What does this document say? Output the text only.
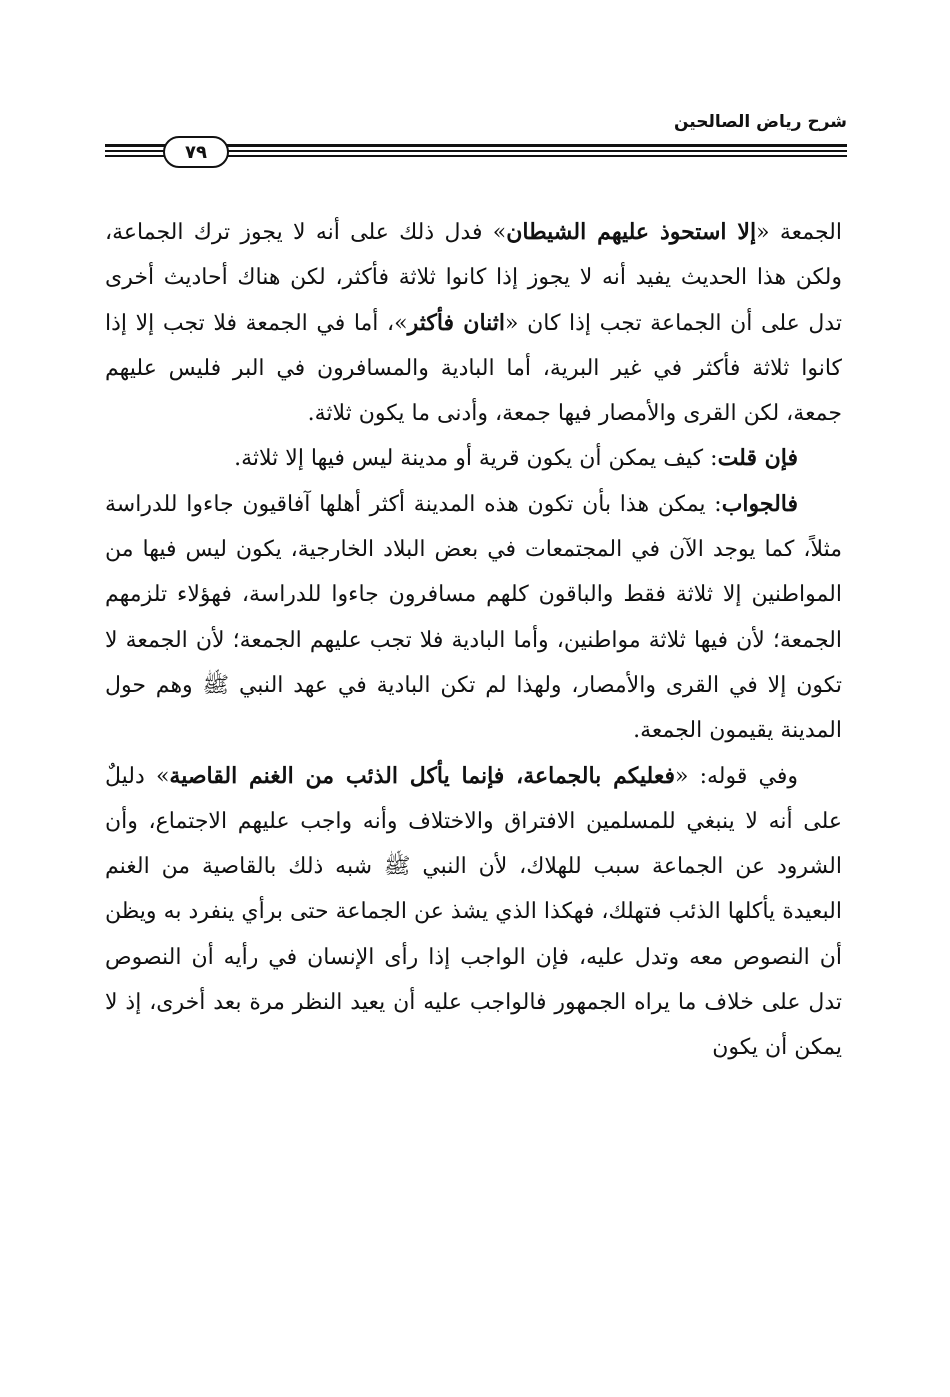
شرح رياض الصالحين
٧٩

الجمعة «إلا استحوذ عليهم الشيطان» فدل ذلك على أنه لا يجوز ترك الجماعة، ولكن هذا الحديث يفيد أنه لا يجوز إذا كانوا ثلاثة فأكثر، لكن هناك أحاديث أخرى تدل على أن الجماعة تجب إذا كان «اثنان فأكثر»، أما في الجمعة فلا تجب إلا إذا كانوا ثلاثة فأكثر في غير البرية، أما البادية والمسافرون في البر فليس عليهم جمعة، لكن القرى والأمصار فيها جمعة، وأدنى ما يكون ثلاثة.

فإن قلت: كيف يمكن أن يكون قرية أو مدينة ليس فيها إلا ثلاثة.

فالجواب: يمكن هذا بأن تكون هذه المدينة أكثر أهلها آفاقيون جاءوا للدراسة مثلاً، كما يوجد الآن في المجتمعات في بعض البلاد الخارجية، يكون ليس فيها من المواطنين إلا ثلاثة فقط والباقون كلهم مسافرون جاءوا للدراسة، فهؤلاء تلزمهم الجمعة؛ لأن فيها ثلاثة مواطنين، وأما البادية فلا تجب عليهم الجمعة؛ لأن الجمعة لا تكون إلا في القرى والأمصار، ولهذا لم تكن البادية في عهد النبي ﷺ وهم حول المدينة يقيمون الجمعة.

وفي قوله: «فعليكم بالجماعة، فإنما يأكل الذئب من الغنم القاصية» دليلٌ على أنه لا ينبغي للمسلمين الافتراق والاختلاف وأنه واجب عليهم الاجتماع، وأن الشرود عن الجماعة سبب للهلاك، لأن النبي ﷺ شبه ذلك بالقاصية من الغنم البعيدة يأكلها الذئب فتهلك، فهكذا الذي يشذ عن الجماعة حتى برأي ينفرد به ويظن أن النصوص معه وتدل عليه، فإن الواجب إذا رأى الإنسان في رأيه أن النصوص تدل على خلاف ما يراه الجمهور فالواجب عليه أن يعيد النظر مرة بعد أخرى، إذ لا يمكن أن يكون
